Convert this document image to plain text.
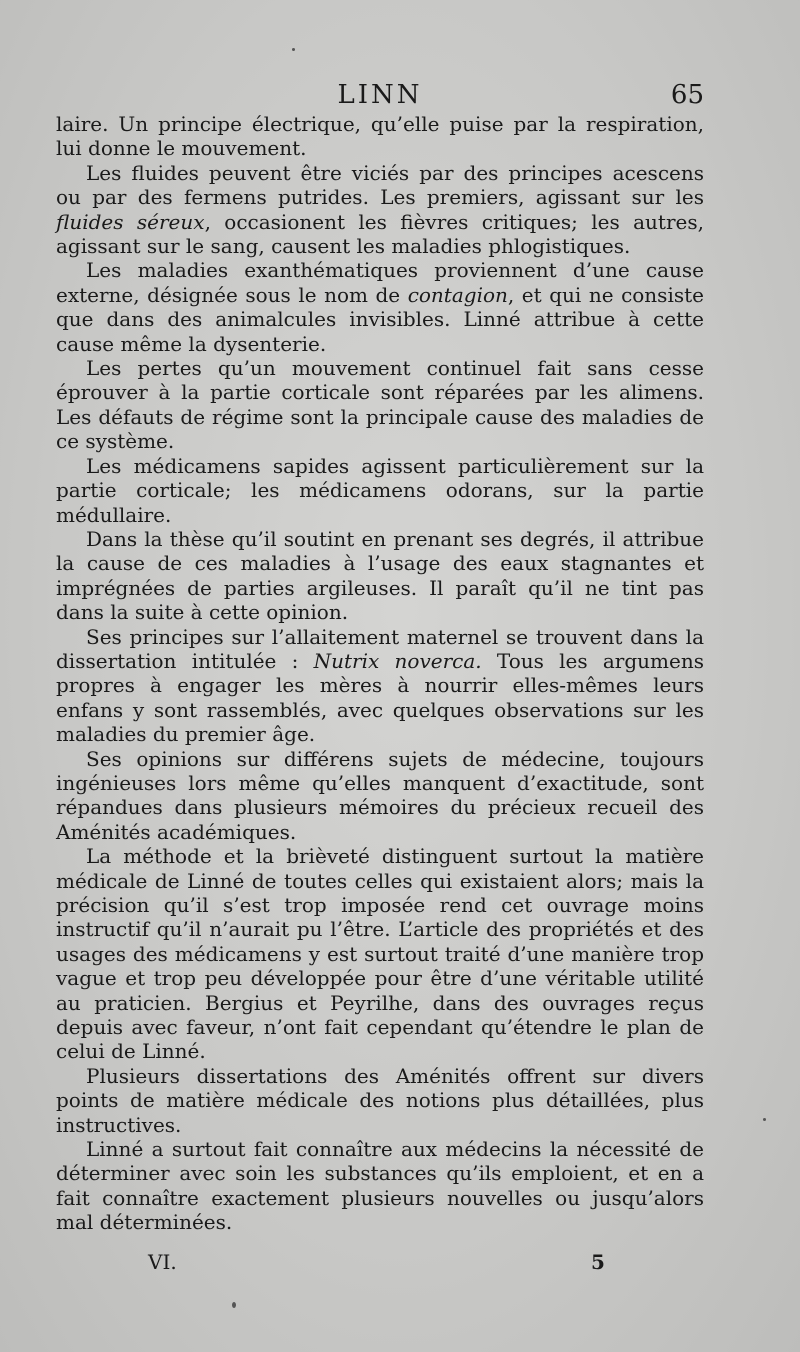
LINN	65

laire. Un principe électrique, qu’elle puise par la respiration, lui donne le mouvement.

Les fluides peuvent être viciés par des principes acescens ou par des fermens putrides. Les premiers, agissant sur les fluides séreux, occasionent les fièvres critiques; les autres, agissant sur le sang, causent les maladies phlogistiques.

Les maladies exanthématiques proviennent d’une cause externe, désignée sous le nom de contagion, et qui ne consiste que dans des animalcules invisibles. Linné attribue à cette cause même la dysenterie.

Les pertes qu’un mouvement continuel fait sans cesse éprouver à la partie corticale sont réparées par les alimens. Les défauts de régime sont la principale cause des maladies de ce système.

Les médicamens sapides agissent particulièrement sur la partie corticale; les médicamens odorans, sur la partie médullaire.

Dans la thèse qu’il soutint en prenant ses degrés, il attribue la cause de ces maladies à l’usage des eaux stagnantes et imprégnées de parties argileuses. Il paraît qu’il ne tint pas dans la suite à cette opinion.

Ses principes sur l’allaitement maternel se trouvent dans la dissertation intitulée : Nutrix noverca. Tous les argumens propres à engager les mères à nourrir elles-mêmes leurs enfans y sont rassemblés, avec quelques observations sur les maladies du premier âge.

Ses opinions sur différens sujets de médecine, toujours ingénieuses lors même qu’elles manquent d’exactitude, sont répandues dans plusieurs mémoires du précieux recueil des Aménités académiques.

La méthode et la brièveté distinguent surtout la matière médicale de Linné de toutes celles qui existaient alors; mais la précision qu’il s’est trop imposée rend cet ouvrage moins instructif qu’il n’aurait pu l’être. L’article des propriétés et des usages des médicamens y est surtout traité d’une manière trop vague et trop peu développée pour être d’une véritable utilité au praticien. Bergius et Peyrilhe, dans des ouvrages reçus depuis avec faveur, n’ont fait cependant qu’étendre le plan de celui de Linné.

Plusieurs dissertations des Aménités offrent sur divers points de matière médicale des notions plus détaillées, plus instructives.

Linné a surtout fait connaître aux médecins la nécessité de déterminer avec soin les substances qu’ils emploient, et en a fait connaître exactement plusieurs nouvelles ou jusqu’alors mal déterminées.

VI.	5
